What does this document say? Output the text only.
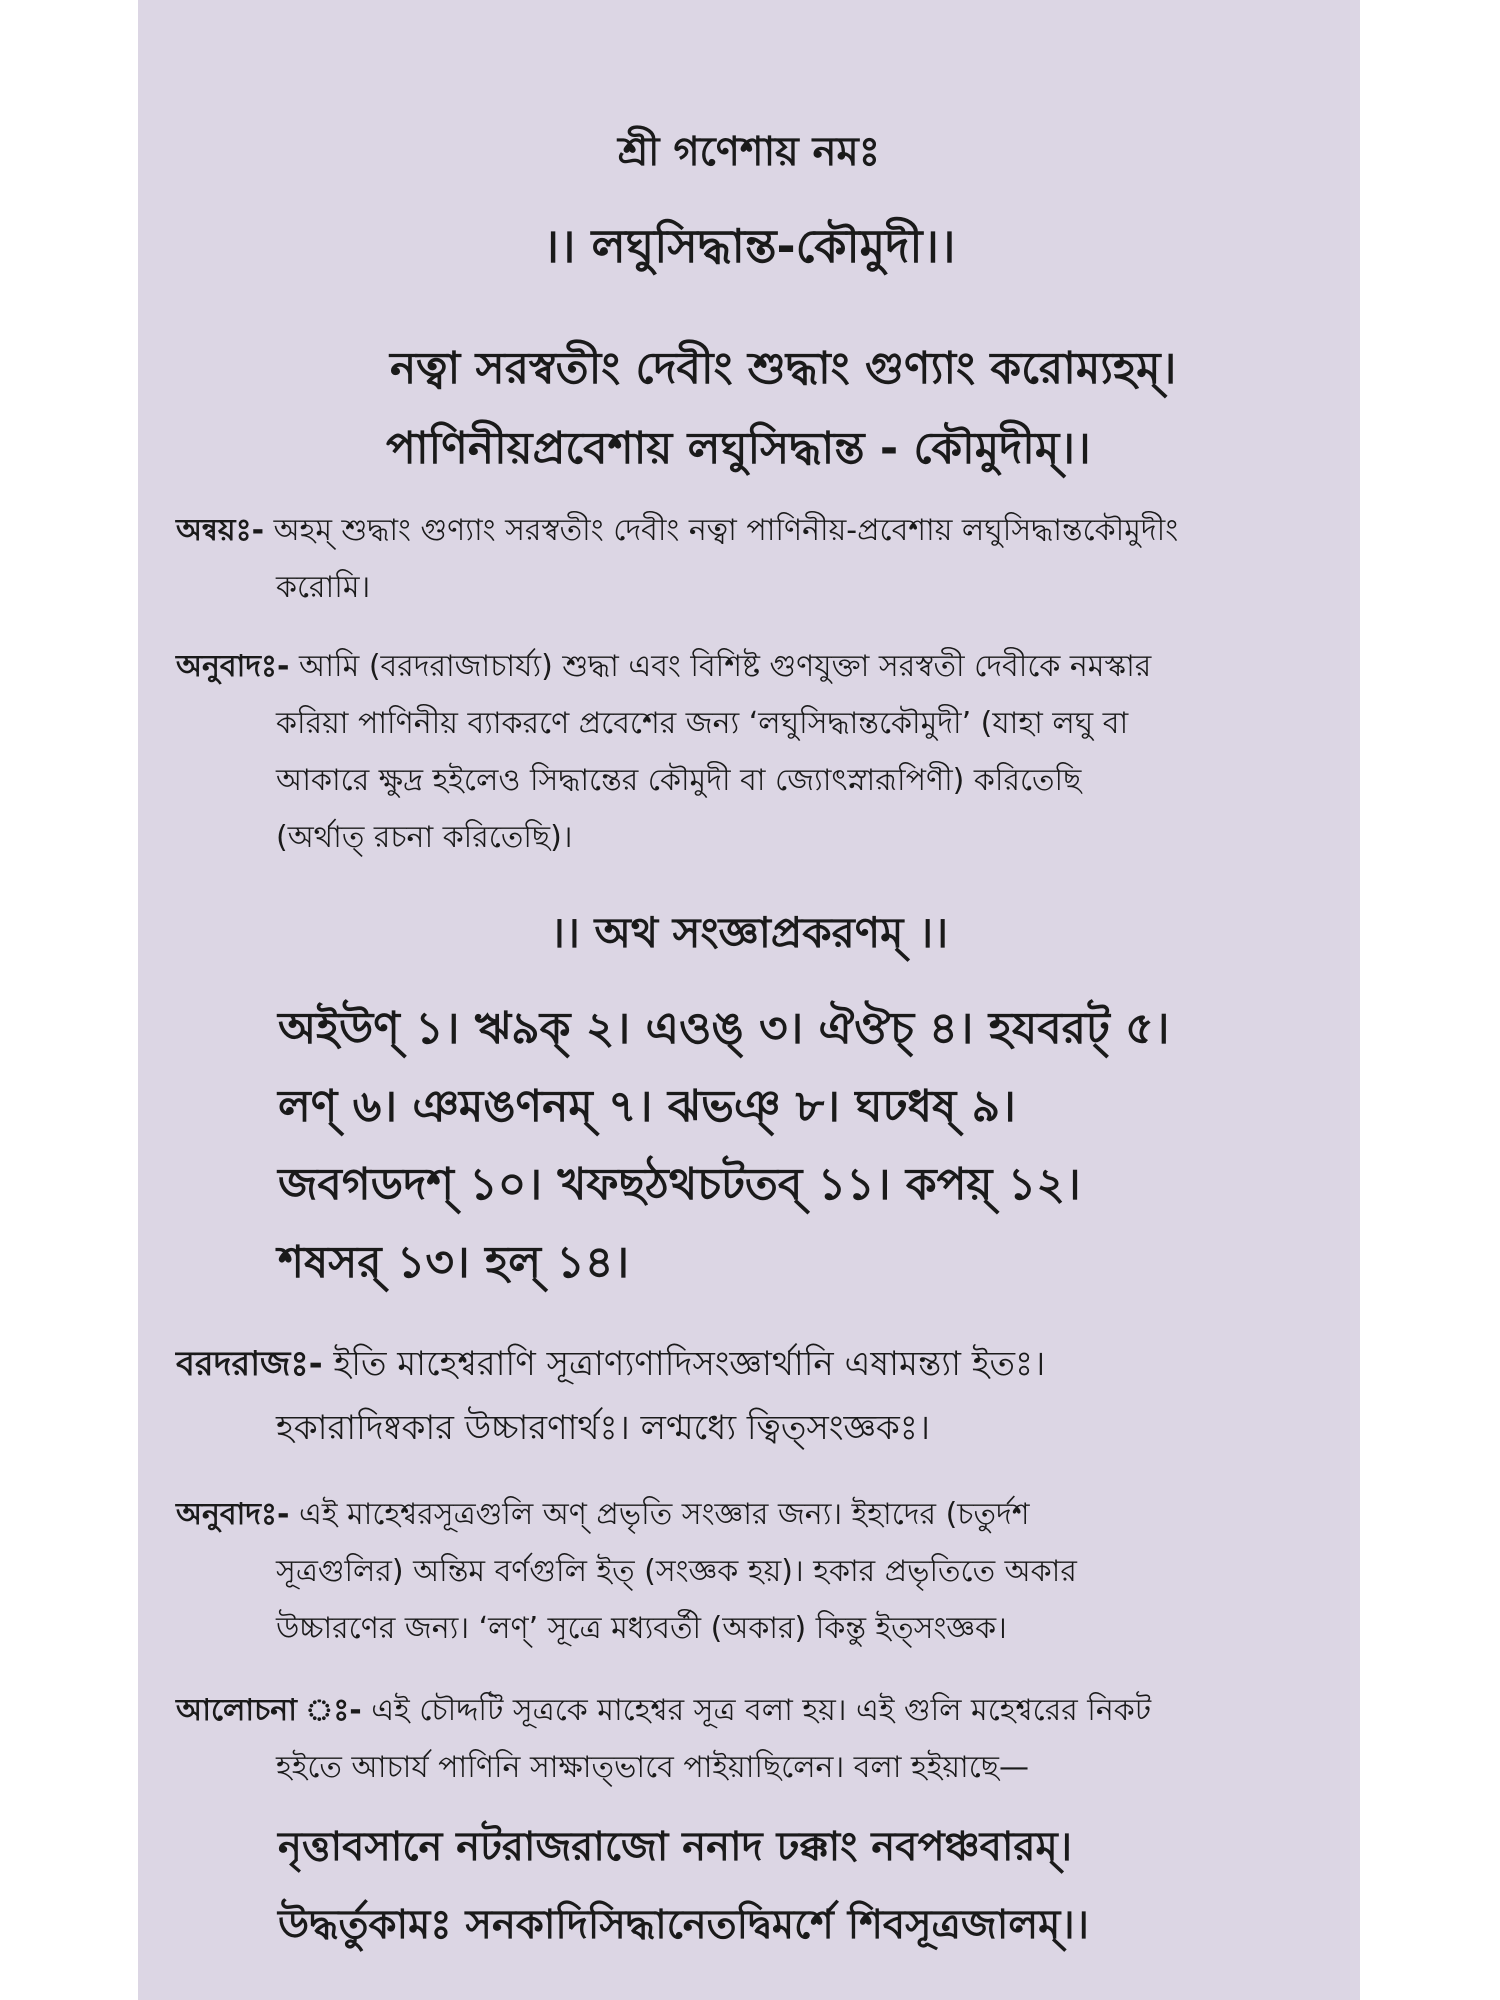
শ্রী গণেশায় নমঃ
।। লঘুসিদ্ধান্ত-কৌমুদী।।
নত্বা সরস্বতীং দেবীং শুদ্ধাং গুণ্যাং করোম্যহম্।
পাণিনীয়প্রবেশায় লঘুসিদ্ধান্ত - কৌমুদীম্।।
অন্বয়ঃ- অহম্ শুদ্ধাং গুণ্যাং সরস্বতীং দেবীং নত্বা পাণিনীয়-প্রবেশায় লঘুসিদ্ধান্তকৌমুদীং
করোমি।
অনুবাদঃ- আমি (বরদরাজাচার্য্য) শুদ্ধা এবং বিশিষ্ট গুণযুক্তা সরস্বতী দেবীকে নমস্কার
করিয়া পাণিনীয় ব্যাকরণে প্রবেশের জন্য ‘লঘুসিদ্ধান্তকৌমুদী’ (যাহা লঘু বা
আকারে ক্ষুদ্র হইলেও সিদ্ধান্তের কৌমুদী বা জ্যোৎস্নারূপিণী) করিতেছি
(অর্থাত্ রচনা করিতেছি)।
।। অথ সংজ্ঞাপ্রকরণম্ ।।
অইউণ্ ১। ঋ৯ক্ ২। এওঙ্ ৩। ঐঔচ্ ৪। হযবরট্ ৫।
লণ্ ৬। ঞমঙণনম্ ৭। ঝভঞ্ ৮। ঘঢধষ্ ৯।
জবগডদশ্ ১০। খফছঠথচটতব্ ১১। কপয়্ ১২।
শষসর্ ১৩। হল্ ১৪।
বরদরাজঃ- ইতি মাহেশ্বরাণি সূত্রাণ্যণাদিসংজ্ঞার্থানি এষামন্ত্যা ইতঃ।
হকারাদিষ্বকার উচ্চারণার্থঃ। লণ্মধ্যে ত্বিত্সংজ্ঞকঃ।
অনুবাদঃ- এই মাহেশ্বরসূত্রগুলি অণ্ প্রভৃতি সংজ্ঞার জন্য। ইহাদের (চতুর্দশ
সূত্রগুলির) অন্তিম বর্ণগুলি ইত্ (সংজ্ঞক হয়)। হকার প্রভৃতিতে অকার
উচ্চারণের জন্য। ‘লণ্’ সূত্রে মধ্যবর্তী (অকার) কিন্তু ইত্সংজ্ঞক।
আলোচনা ঃ- এই চৌদ্দটি সূত্রকে মাহেশ্বর সূত্র বলা হয়। এই গুলি মহেশ্বরের নিকট
হইতে আচার্য পাণিনি সাক্ষাত্ভাবে পাইয়াছিলেন। বলা হইয়াছে—
নৃত্তাবসানে নটরাজরাজো ননাদ ঢক্কাং নবপঞ্চবারম্।
উদ্ধর্তুকামঃ সনকাদিসিদ্ধানেতদ্বিমর্শে শিবসূত্রজালম্।।
